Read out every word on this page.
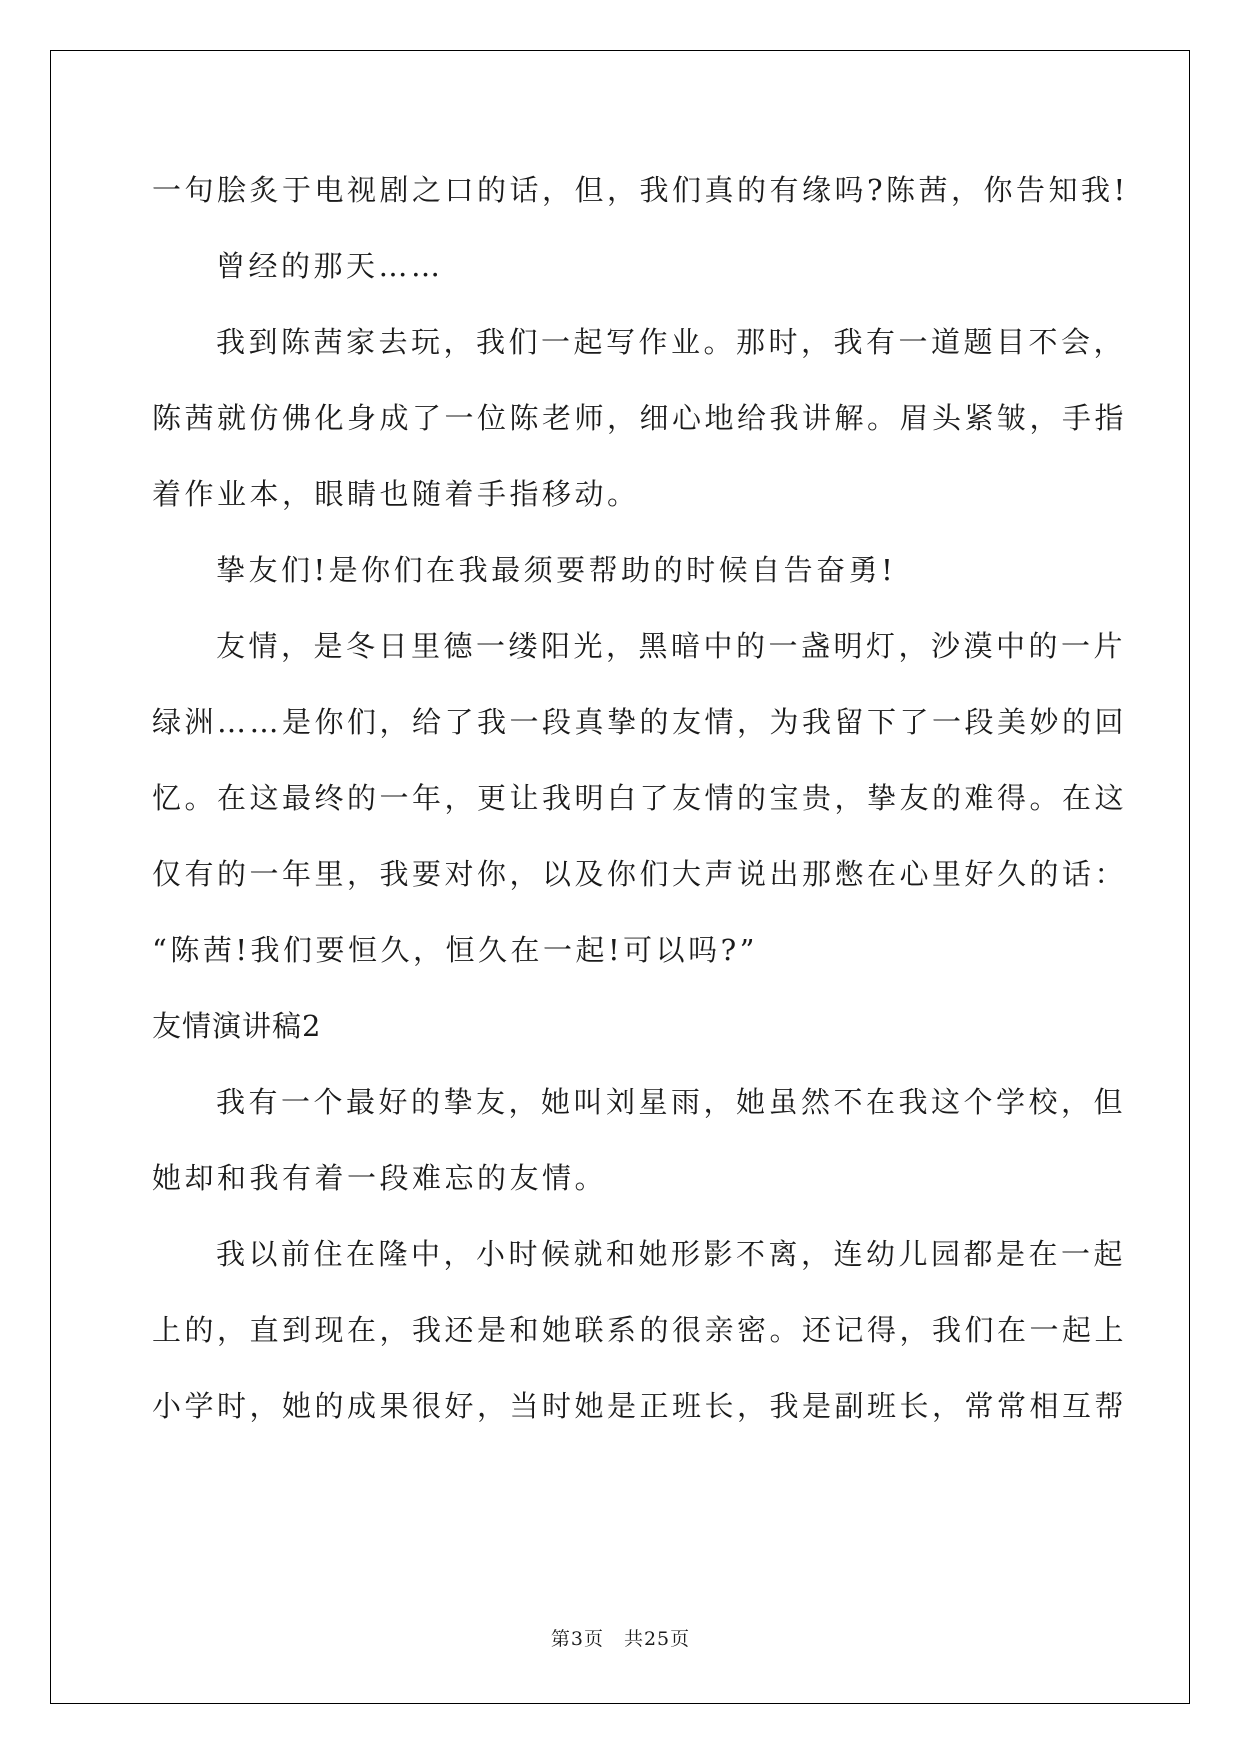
一句脍炙于电视剧之口的话，但，我们真的有缘吗?陈茜，你告知我!
曾经的那天……
我到陈茜家去玩，我们一起写作业。那时，我有一道题目不会，
陈茜就仿佛化身成了一位陈老师，细心地给我讲解。眉头紧皱，手指
着作业本，眼睛也随着手指移动。
挚友们!是你们在我最须要帮助的时候自告奋勇!
友情，是冬日里德一缕阳光，黑暗中的一盏明灯，沙漠中的一片
绿洲……是你们，给了我一段真挚的友情，为我留下了一段美妙的回
忆。在这最终的一年，更让我明白了友情的宝贵，挚友的难得。在这
仅有的一年里，我要对你，以及你们大声说出那憋在心里好久的话：
“陈茜!我们要恒久，恒久在一起!可以吗?”
友情演讲稿2
我有一个最好的挚友，她叫刘星雨，她虽然不在我这个学校，但
她却和我有着一段难忘的友情。
我以前住在隆中，小时候就和她形影不离，连幼儿园都是在一起
上的，直到现在，我还是和她联系的很亲密。还记得，我们在一起上
小学时，她的成果很好，当时她是正班长，我是副班长，常常相互帮
第3页　共25页
